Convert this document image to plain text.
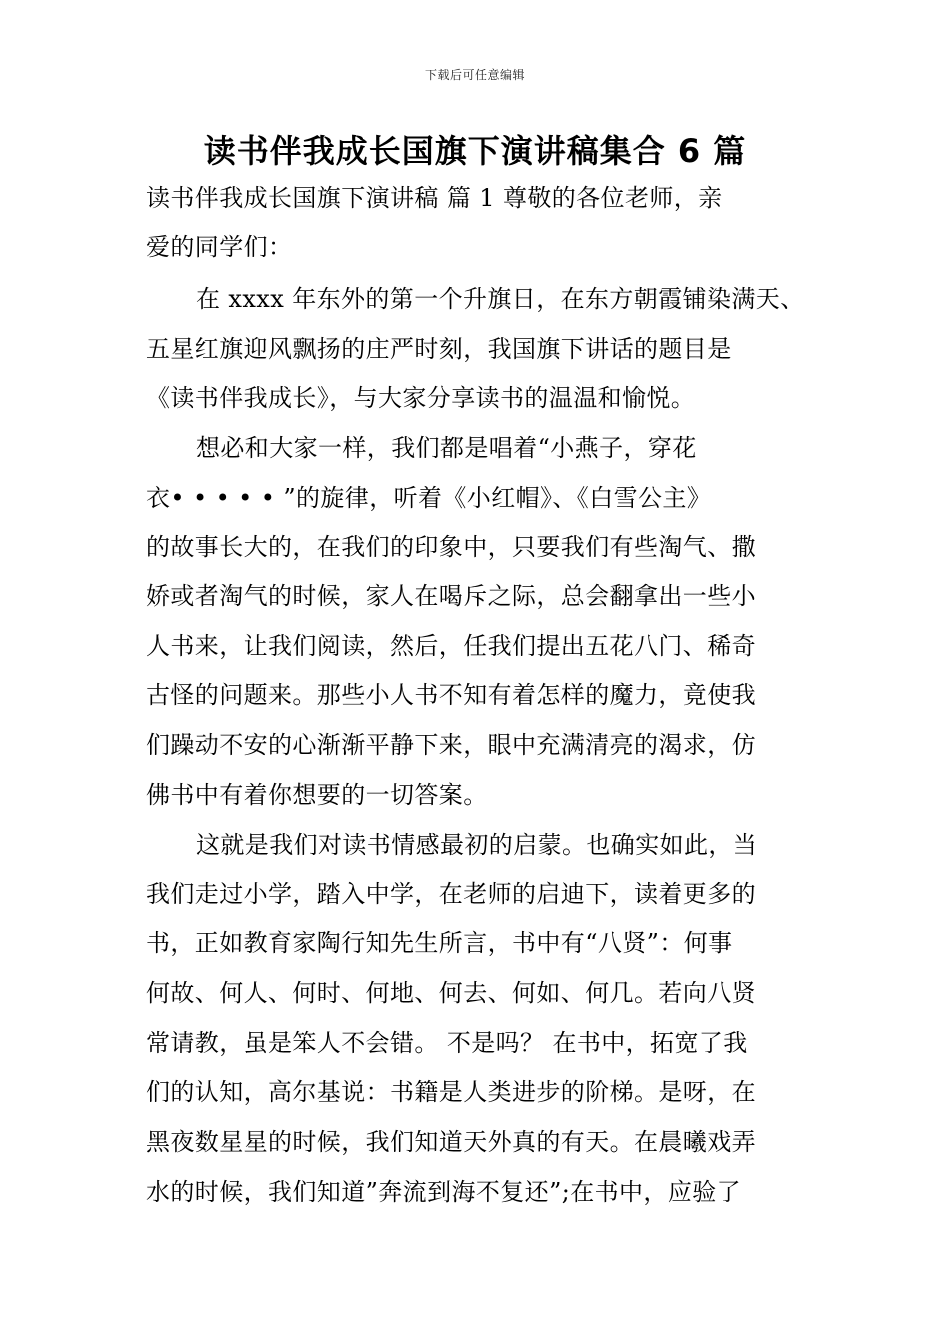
下载后可任意编辑
读书伴我成长国旗下演讲稿集合 6 篇
读书伴我成长国旗下演讲稿 篇 1 尊敬的各位老师，亲
爱的同学们：
在 xxxx 年东外的第一个升旗日，在东方朝霞铺染满天、
五星红旗迎风飘扬的庄严时刻，我国旗下讲话的题目是
《读书伴我成长》，与大家分享读书的温温和愉悦。
想必和大家一样，我们都是唱着“小燕子，穿花
衣• • • • • ”的旋律，听着《小红帽》、《白雪公主》
的故事长大的，在我们的印象中，只要我们有些淘气、撒
娇或者淘气的时候，家人在喝斥之际，总会翻拿出一些小
人书来，让我们阅读，然后，任我们提出五花八门、稀奇
古怪的问题来。那些小人书不知有着怎样的魔力，竟使我
们躁动不安的心渐渐平静下来，眼中充满清亮的渴求，仿
佛书中有着你想要的一切答案。
这就是我们对读书情感最初的启蒙。也确实如此，当
我们走过小学，踏入中学，在老师的启迪下，读着更多的
书，正如教育家陶行知先生所言，书中有“八贤”：何事
何故、何人、何时、何地、何去、何如、何几。若向八贤
常请教，虽是笨人不会错。 不是吗？ 在书中，拓宽了我
们的认知，高尔基说：书籍是人类进步的阶梯。是呀，在
黑夜数星星的时候，我们知道天外真的有天。在晨曦戏弄
水的时候，我们知道”奔流到海不复还”;在书中，应验了
